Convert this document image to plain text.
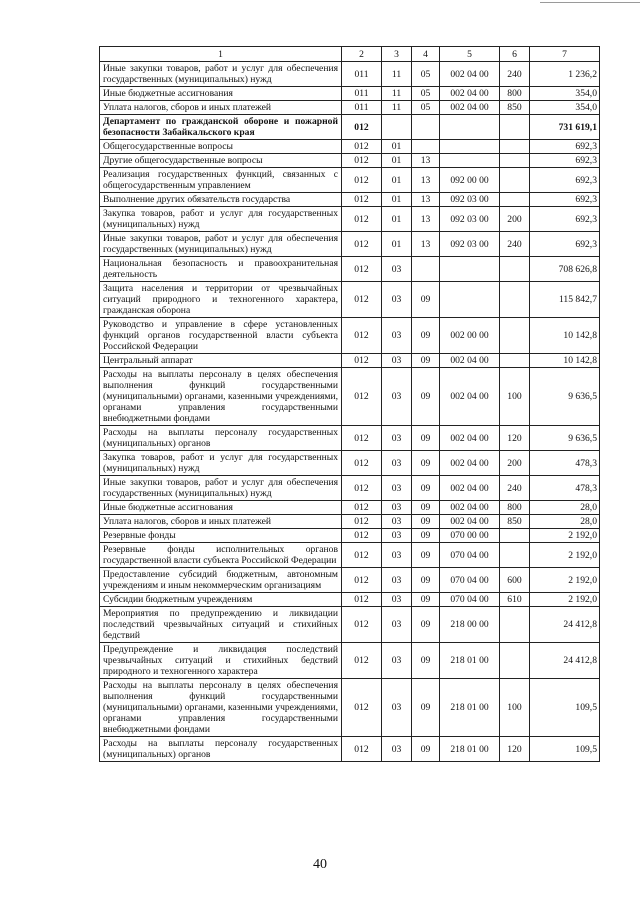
1	2	3	4	5	6	7
Иные закупки товаров, работ и услуг для обеспечения государственных (муниципальных) нужд	011	11	05	002 04 00	240	1 236,2
Иные бюджетные ассигнования	011	11	05	002 04 00	800	354,0
Уплата налогов, сборов и иных платежей	011	11	05	002 04 00	850	354,0
Департамент по гражданской обороне и пожарной безопасности Забайкальского края	012					731 619,1
Общегосударственные вопросы	012	01				692,3
Другие общегосударственные вопросы	012	01	13			692,3
Реализация государственных функций, связанных с общегосударственным управлением	012	01	13	092 00 00		692,3
Выполнение других обязательств государства	012	01	13	092 03 00		692,3
Закупка товаров, работ и услуг для государственных (муниципальных) нужд	012	01	13	092 03 00	200	692,3
Иные закупки товаров, работ и услуг для обеспечения государственных (муниципальных) нужд	012	01	13	092 03 00	240	692,3
Национальная безопасность и правоохранительная деятельность	012	03				708 626,8
Защита населения и территории от чрезвычайных ситуаций природного и техногенного характера, гражданская оборона	012	03	09			115 842,7
Руководство и управление в сфере установленных функций органов государственной власти субъекта Российской Федерации	012	03	09	002 00 00		10 142,8
Центральный аппарат	012	03	09	002 04 00		10 142,8
Расходы на выплаты персоналу в целях обеспечения выполнения функций государственными (муниципальными) органами, казенными учреждениями, органами управления государственными внебюджетными фондами	012	03	09	002 04 00	100	9 636,5
Расходы на выплаты персоналу государственных (муниципальных) органов	012	03	09	002 04 00	120	9 636,5
Закупка товаров, работ и услуг для государственных (муниципальных) нужд	012	03	09	002 04 00	200	478,3
Иные закупки товаров, работ и услуг для обеспечения государственных (муниципальных) нужд	012	03	09	002 04 00	240	478,3
Иные бюджетные ассигнования	012	03	09	002 04 00	800	28,0
Уплата налогов, сборов и иных платежей	012	03	09	002 04 00	850	28,0
Резервные фонды	012	03	09	070 00 00		2 192,0
Резервные фонды исполнительных органов государственной власти субъекта Российской Федерации	012	03	09	070 04 00		2 192,0
Предоставление субсидий бюджетным, автономным учреждениям и иным некоммерческим организациям	012	03	09	070 04 00	600	2 192,0
Субсидии бюджетным учреждениям	012	03	09	070 04 00	610	2 192,0
Мероприятия по предупреждению и ликвидации последствий чрезвычайных ситуаций и стихийных бедствий	012	03	09	218 00 00		24 412,8
Предупреждение и ликвидация последствий чрезвычайных ситуаций и стихийных бедствий природного и техногенного характера	012	03	09	218 01 00		24 412,8
Расходы на выплаты персоналу в целях обеспечения выполнения функций государственными (муниципальными) органами, казенными учреждениями, органами управления государственными внебюджетными фондами	012	03	09	218 01 00	100	109,5
Расходы на выплаты персоналу государственных (муниципальных) органов	012	03	09	218 01 00	120	109,5
40
